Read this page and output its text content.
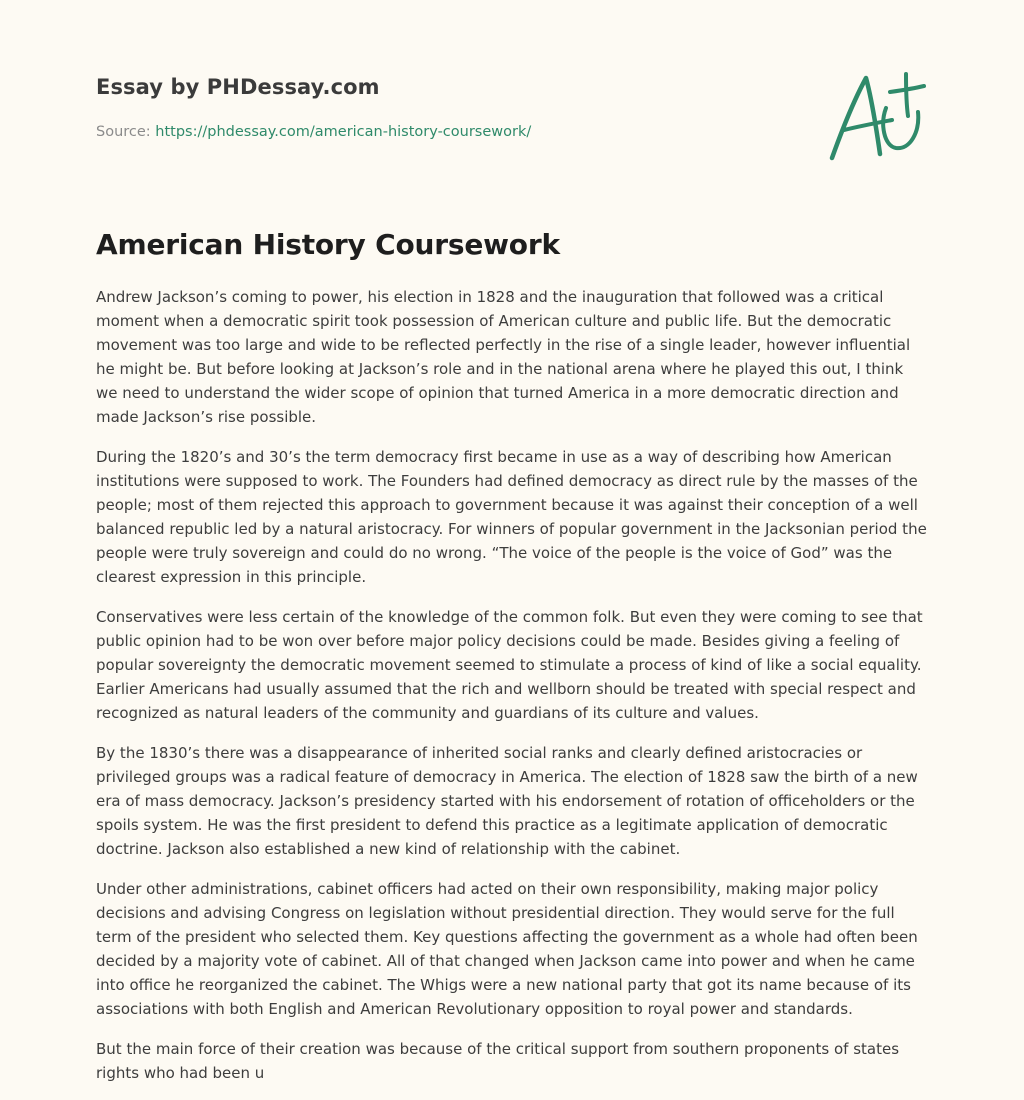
Essay by PHDessay.com
Source: https://phdessay.com/american-history-coursework/
American History Coursework

Andrew Jackson’s coming to power, his election in 1828 and the inauguration that followed was a critical moment when a democratic spirit took possession of American culture and public life. But the democratic movement was too large and wide to be reflected perfectly in the rise of a single leader, however influential he might be. But before looking at Jackson’s role and in the national arena where he played this out, I think we need to understand the wider scope of opinion that turned America in a more democratic direction and made Jackson’s rise possible.

During the 1820’s and 30’s the term democracy first became in use as a way of describing how American institutions were supposed to work. The Founders had defined democracy as direct rule by the masses of the people; most of them rejected this approach to government because it was against their conception of a well balanced republic led by a natural aristocracy. For winners of popular government in the Jacksonian period the people were truly sovereign and could do no wrong. “The voice of the people is the voice of God” was the clearest expression in this principle.

Conservatives were less certain of the knowledge of the common folk. But even they were coming to see that public opinion had to be won over before major policy decisions could be made. Besides giving a feeling of popular sovereignty the democratic movement seemed to stimulate a process of kind of like a social equality. Earlier Americans had usually assumed that the rich and wellborn should be treated with special respect and recognized as natural leaders of the community and guardians of its culture and values.

By the 1830’s there was a disappearance of inherited social ranks and clearly defined aristocracies or privileged groups was a radical feature of democracy in America. The election of 1828 saw the birth of a new era of mass democracy. Jackson’s presidency started with his endorsement of rotation of officeholders or the spoils system. He was the first president to defend this practice as a legitimate application of democratic doctrine. Jackson also established a new kind of relationship with the cabinet.

Under other administrations, cabinet officers had acted on their own responsibility, making major policy decisions and advising Congress on legislation without presidential direction. They would serve for the full term of the president who selected them. Key questions affecting the government as a whole had often been decided by a majority vote of cabinet. All of that changed when Jackson came into power and when he came into office he reorganized the cabinet. The Whigs were a new national party that got its name because of its associations with both English and American Revolutionary opposition to royal power and standards.

But the main force of their creation was because of the critical support from southern proponents of states rights who had been u
